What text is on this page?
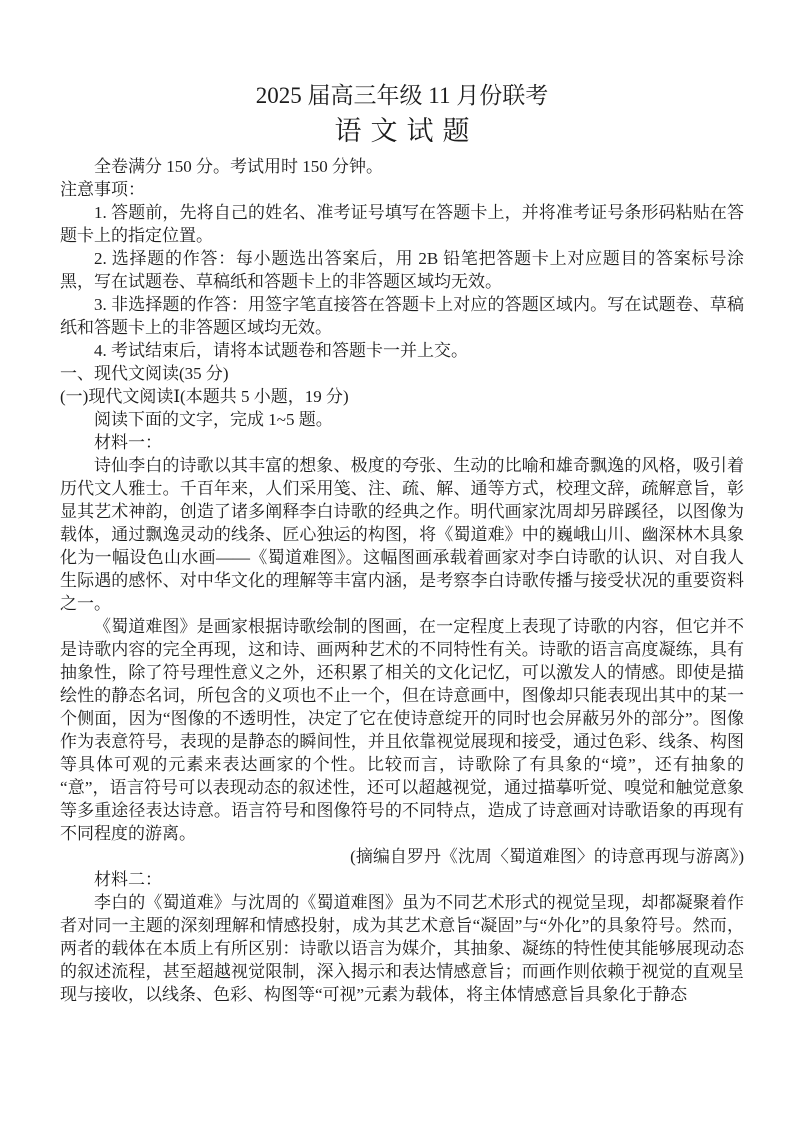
2025 届高三年级 11 月份联考

语文试题

全卷满分 150 分。考试用时 150 分钟。

注意事项：

1. 答题前，先将自己的姓名、准考证号填写在答题卡上，并将准考证号条形码粘贴在答题卡上的指定位置。

2. 选择题的作答：每小题选出答案后，用 2B 铅笔把答题卡上对应题目的答案标号涂黑，写在试题卷、草稿纸和答题卡上的非答题区域均无效。

3. 非选择题的作答：用签字笔直接答在答题卡上对应的答题区域内。写在试题卷、草稿纸和答题卡上的非答题区域均无效。

4. 考试结束后，请将本试题卷和答题卡一并上交。

一、现代文阅读(35 分)

(一)现代文阅读Ⅰ(本题共 5 小题，19 分)

阅读下面的文字，完成 1~5 题。

材料一：

诗仙李白的诗歌以其丰富的想象、极度的夸张、生动的比喻和雄奇飘逸的风格，吸引着历代文人雅士。千百年来，人们采用笺、注、疏、解、通等方式，校理文辞，疏解意旨，彰显其艺术神韵，创造了诸多阐释李白诗歌的经典之作。明代画家沈周却另辟蹊径，以图像为载体，通过飘逸灵动的线条、匠心独运的构图，将《蜀道难》中的巍峨山川、幽深林木具象化为一幅设色山水画——《蜀道难图》。这幅图画承载着画家对李白诗歌的认识、对自我人生际遇的感怀、对中华文化的理解等丰富内涵，是考察李白诗歌传播与接受状况的重要资料之一。

《蜀道难图》是画家根据诗歌绘制的图画，在一定程度上表现了诗歌的内容，但它并不是诗歌内容的完全再现，这和诗、画两种艺术的不同特性有关。诗歌的语言高度凝练，具有抽象性，除了符号理性意义之外，还积累了相关的文化记忆，可以激发人的情感。即使是描绘性的静态名词，所包含的义项也不止一个，但在诗意画中，图像却只能表现出其中的某一个侧面，因为“图像的不透明性，决定了它在使诗意绽开的同时也会屏蔽另外的部分”。图像作为表意符号，表现的是静态的瞬间性，并且依靠视觉展现和接受，通过色彩、线条、构图等具体可观的元素来表达画家的个性。比较而言，诗歌除了有具象的“境”，还有抽象的“意”，语言符号可以表现动态的叙述性，还可以超越视觉，通过描摹听觉、嗅觉和触觉意象等多重途径表达诗意。语言符号和图像符号的不同特点，造成了诗意画对诗歌语象的再现有不同程度的游离。

(摘编自罗丹《沈周〈蜀道难图〉的诗意再现与游离》)

材料二：

李白的《蜀道难》与沈周的《蜀道难图》虽为不同艺术形式的视觉呈现，却都凝聚着作者对同一主题的深刻理解和情感投射，成为其艺术意旨“凝固”与“外化”的具象符号。然而，两者的载体在本质上有所区别：诗歌以语言为媒介，其抽象、凝练的特性使其能够展现动态的叙述流程，甚至超越视觉限制，深入揭示和表达情感意旨；而画作则依赖于视觉的直观呈现与接收，以线条、色彩、构图等“可视”元素为载体，将主体情感意旨具象化于静态
